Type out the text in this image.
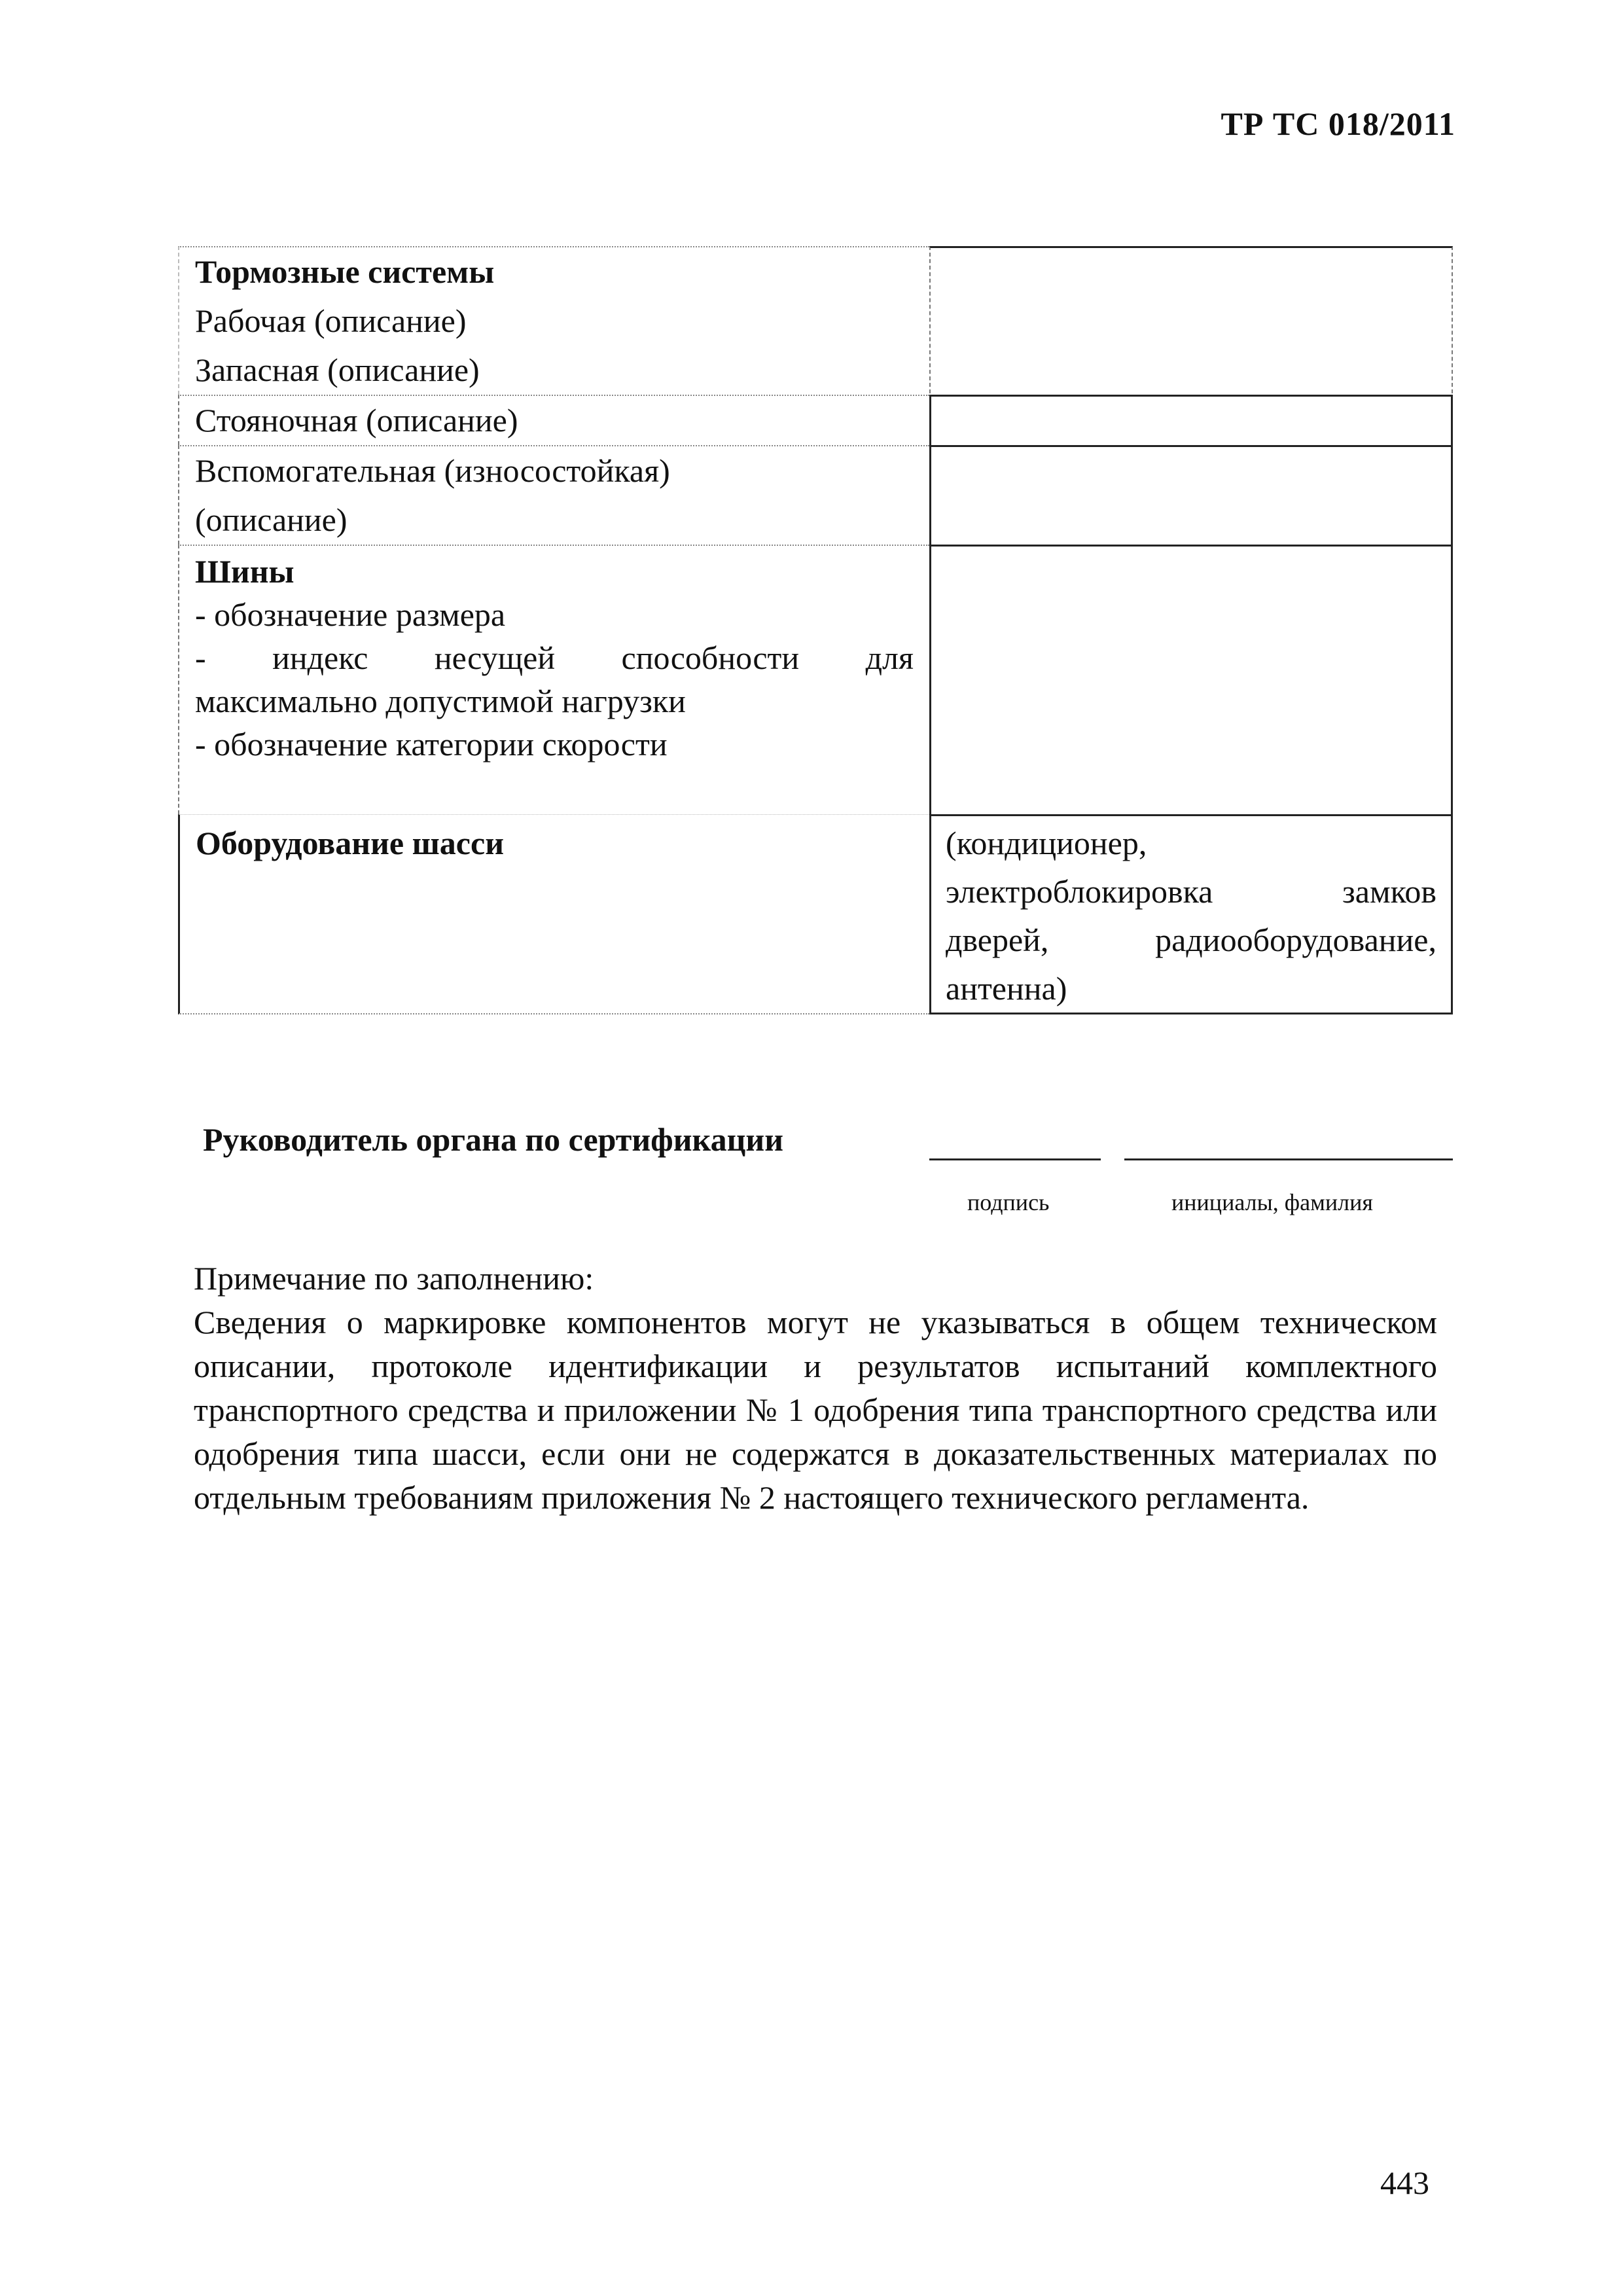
ТР ТС 018/2011
Тормозные системы
Рабочая (описание)
Запасная (описание)
Стояночная (описание)
Вспомогательная (износостойкая)
(описание)
Шины
- обозначение размера
- индекс несущей способности для
максимально допустимой нагрузки
- обозначение категории скорости
Оборудование шасси	(кондиционер,
электроблокировка замков
дверей, радиооборудование,
антенна)
Руководитель органа по сертификации
подпись	инициалы, фамилия

Примечание по заполнению:

Сведения о маркировке компонентов могут не указываться в общем техническом описании, протоколе идентификации и результатов испытаний комплектного транспортного средства и приложении № 1 одобрения типа транспортного средства или одобрения типа шасси, если они не содержатся в доказательственных материалах по отдельным требованиям приложения № 2 настоящего технического регламента.

443
